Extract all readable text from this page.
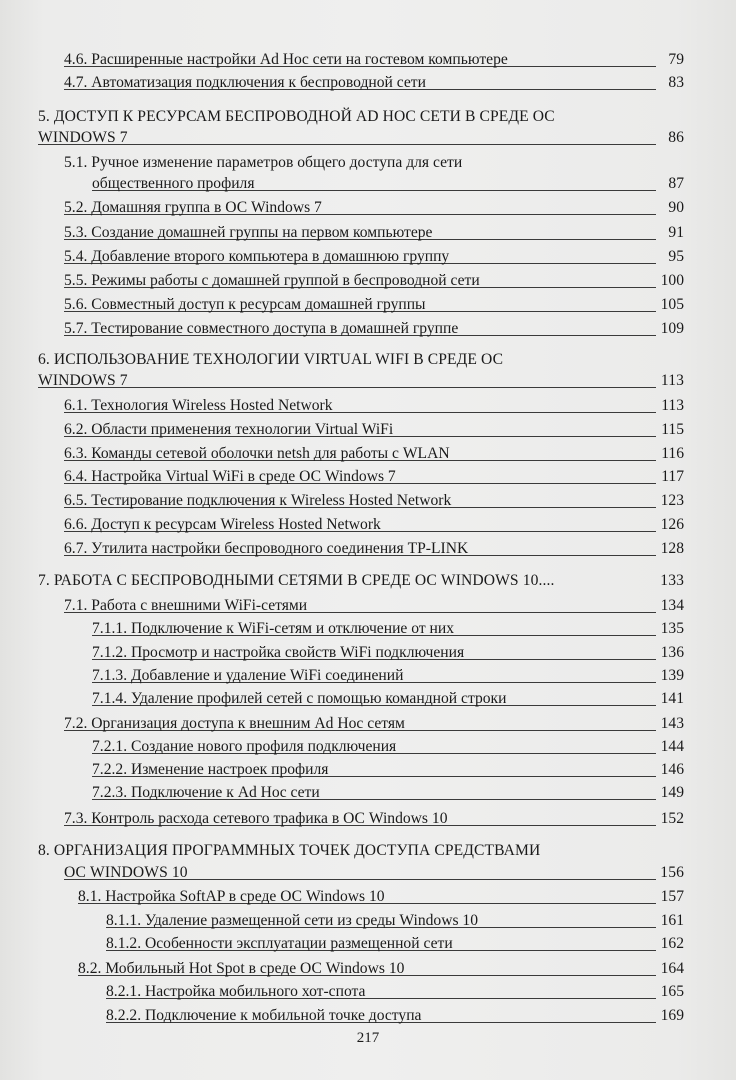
4.6. Расширенные настройки Ad Hoc сети на гостевом компьютере	79
4.7. Автоматизация подключения к беспроводной сети	83
5. ДОСТУП К РЕСУРСАМ БЕСПРОВОДНОЙ AD HOC СЕТИ В СРЕДЕ ОС
WINDOWS 7	86
5.1. Ручное изменение параметров общего доступа для сети
общественного профиля	87
5.2. Домашняя группа в ОС Windows 7	90
5.3. Создание домашней группы на первом компьютере	91
5.4. Добавление второго компьютера в домашнюю группу	95
5.5. Режимы работы с домашней группой в беспроводной сети	100
5.6. Совместный доступ к ресурсам домашней группы	105
5.7. Тестирование совместного доступа в домашней группе	109
6. ИСПОЛЬЗОВАНИЕ ТЕХНОЛОГИИ VIRTUAL WIFI В СРЕДЕ ОС
WINDOWS 7	113
6.1. Технология Wireless Hosted Network	113
6.2. Области применения технологии Virtual WiFi	115
6.3. Команды сетевой оболочки netsh для работы с WLAN	116
6.4. Настройка Virtual WiFi в среде ОС Windows 7	117
6.5. Тестирование подключения к Wireless Hosted Network	123
6.6. Доступ к ресурсам Wireless Hosted Network	126
6.7. Утилита настройки беспроводного соединения TP-LINK	128
7. РАБОТА С БЕСПРОВОДНЫМИ СЕТЯМИ В СРЕДЕ ОС WINDOWS 10....	133
7.1. Работа с внешними WiFi-сетями	134
7.1.1. Подключение к WiFi-сетям и отключение от них	135
7.1.2. Просмотр и настройка свойств WiFi подключения	136
7.1.3. Добавление и удаление WiFi соединений	139
7.1.4. Удаление профилей сетей с помощью командной строки	141
7.2. Организация доступа к внешним Ad Hoc сетям	143
7.2.1. Создание нового профиля подключения	144
7.2.2. Изменение настроек профиля	146
7.2.3. Подключение к Ad Hoc сети	149
7.3. Контроль расхода сетевого трафика в ОС Windows 10	152
8. ОРГАНИЗАЦИЯ ПРОГРАММНЫХ ТОЧЕК ДОСТУПА СРЕДСТВАМИ
ОС WINDOWS 10	156
8.1. Настройка SoftAP в среде ОС Windows 10	157
8.1.1. Удаление размещенной сети из среды Windows 10	161
8.1.2. Особенности эксплуатации размещенной сети	162
8.2. Мобильный Hot Spot в среде ОС Windows 10	164
8.2.1. Настройка мобильного хот-спота	165
8.2.2. Подключение к мобильной точке доступа	169
217
